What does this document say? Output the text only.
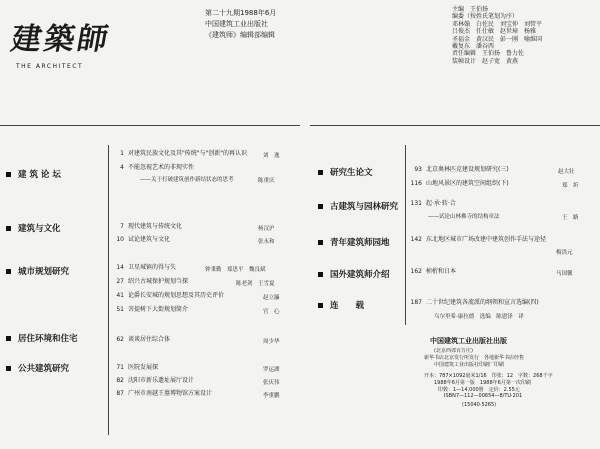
建築師
THE ARCHITECT
第二十九期1988年6月
中国建筑工业出版社
《建筑师》编辑部编辑
主编　王伯扬
编委（按姓氏笔划为序）
邓林翰　白佐民　刘宝仲　刘管平
吕俊杰　任仕敏　赵世璋　杨雅
圣福金　黄汉民　彭一刚　喻维国
戴复东　潘谷西
责任编辑　王伯扬　鲁力佐
装帧设计　赵子宽　黄燕
建 筑 论 坛
建筑与文化
城市规划研究
居住环境和住宅
公共建筑研究
1 对建筑民族文化及其"传统"与"创新"的再认识	刘　逸
4 不能忽视艺术的非现实性
——关于打破建筑创作新结状态的思考	陈重庆
7 现代建筑与传统文化	杨汉沪
10 试论建筑与文化	张永和
14 卫星城镇的得与失	钟秉勤　郑思平　魏良斌
27 绍兴古城保护规划刍探	陈老剑　王雪夏
41 论爵长安城的规划思想及其历史评价	赵立瀛
51 菩提树下大街规划简介	官　心
62 谈谈居住综合体	周少华
71 医院发展探	罗运湖
82 沈阳市新乐遗址展厅设计	张庆伟
87 广州市南越王墓博物馆方案设计	李重鹏
研究生论文
古建筑与园林研究
青年建筑师园地
国外建筑师介绍
连　　载
93 北京奥林匹克建设规划研究(三)	赵大壮
116 山地风景区的建筑空间组织(下)	郑　圻
131 起·承·转·合
——试论山林佛寺的结构章法	王　路
142 东北地区城市广场改建中建筑创作手法与途径
梅洪元
162 桢桁和日本	马国馨
187 二十世纪建筑各流派的纲领和宣言选编(四)
乌尔里希·康拉德　选编　陈恩泽　译
中国建筑工业出版社出版
(北京西郊百万庄)
新华书店北京发行所发行　各地新华书店经售
中国建筑工业出版社印刷厂印刷
开本：787×1092毫米1/16　印张：12　字数：268千字
1988年6月第一版　1988年6月第一次印刷
印数：1—14,000册　定价：2.55元
ISBN7—112—00654—8/TU·201
(15040·5265)
